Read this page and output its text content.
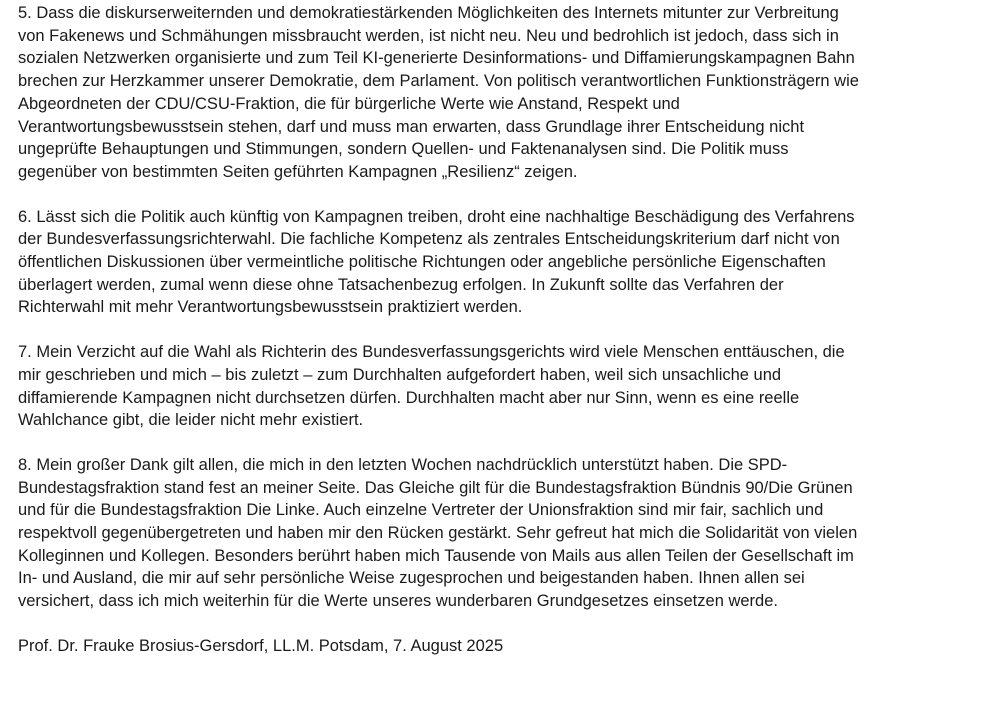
5. Dass die diskurserweiternden und demokratiestärkenden Möglichkeiten des Internets mitunter zur Verbreitung
von Fakenews und Schmähungen missbraucht werden, ist nicht neu. Neu und bedrohlich ist jedoch, dass sich in
sozialen Netzwerken organisierte und zum Teil KI-generierte Desinformations- und Diffamierungskampagnen Bahn
brechen zur Herzkammer unserer Demokratie, dem Parlament. Von politisch verantwortlichen Funktionsträgern wie
Abgeordneten der CDU/CSU-Fraktion, die für bürgerliche Werte wie Anstand, Respekt und
Verantwortungsbewusstsein stehen, darf und muss man erwarten, dass Grundlage ihrer Entscheidung nicht
ungeprüfte Behauptungen und Stimmungen, sondern Quellen- und Faktenanalysen sind. Die Politik muss
gegenüber von bestimmten Seiten geführten Kampagnen „Resilienz“ zeigen.

6. Lässt sich die Politik auch künftig von Kampagnen treiben, droht eine nachhaltige Beschädigung des Verfahrens
der Bundesverfassungsrichterwahl. Die fachliche Kompetenz als zentrales Entscheidungskriterium darf nicht von
öffentlichen Diskussionen über vermeintliche politische Richtungen oder angebliche persönliche Eigenschaften
überlagert werden, zumal wenn diese ohne Tatsachenbezug erfolgen. In Zukunft sollte das Verfahren der
Richterwahl mit mehr Verantwortungsbewusstsein praktiziert werden.

7. Mein Verzicht auf die Wahl als Richterin des Bundesverfassungsgerichts wird viele Menschen enttäuschen, die
mir geschrieben und mich – bis zuletzt – zum Durchhalten aufgefordert haben, weil sich unsachliche und
diffamierende Kampagnen nicht durchsetzen dürfen. Durchhalten macht aber nur Sinn, wenn es eine reelle
Wahlchance gibt, die leider nicht mehr existiert.

8. Mein großer Dank gilt allen, die mich in den letzten Wochen nachdrücklich unterstützt haben. Die SPD-
Bundestagsfraktion stand fest an meiner Seite. Das Gleiche gilt für die Bundestagsfraktion Bündnis 90/Die Grünen
und für die Bundestagsfraktion Die Linke. Auch einzelne Vertreter der Unionsfraktion sind mir fair, sachlich und
respektvoll gegenübergetreten und haben mir den Rücken gestärkt. Sehr gefreut hat mich die Solidarität von vielen
Kolleginnen und Kollegen. Besonders berührt haben mich Tausende von Mails aus allen Teilen der Gesellschaft im
In- und Ausland, die mir auf sehr persönliche Weise zugesprochen und beigestanden haben. Ihnen allen sei
versichert, dass ich mich weiterhin für die Werte unseres wunderbaren Grundgesetzes einsetzen werde.

Prof. Dr. Frauke Brosius-Gersdorf, LL.M. Potsdam, 7. August 2025
